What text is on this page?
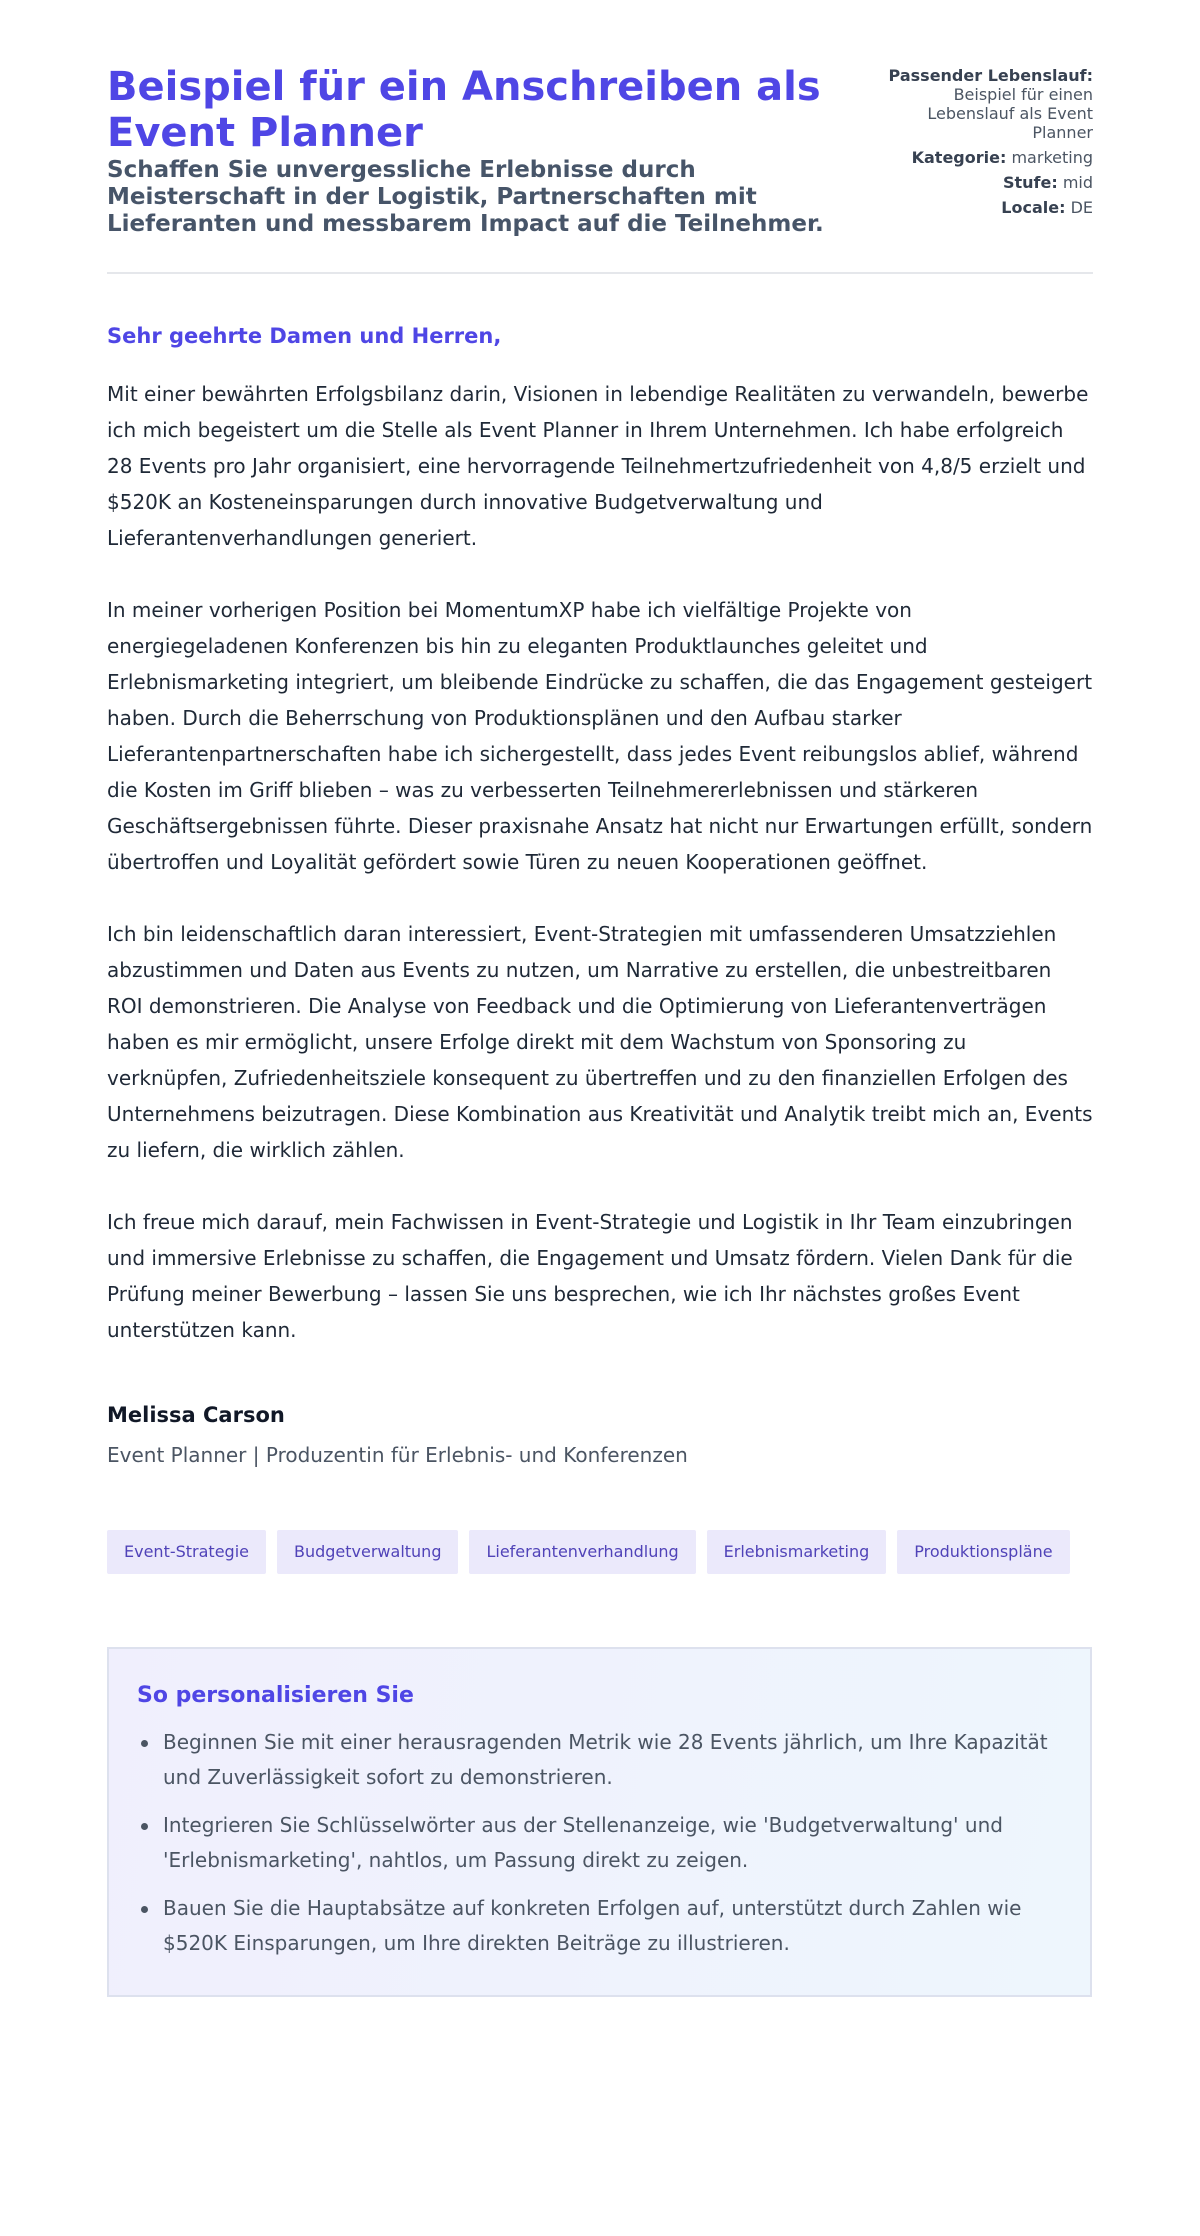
Beispiel für ein Anschreiben als Event Planner
Schaffen Sie unvergessliche Erlebnisse durch Meisterschaft in der Logistik, Partnerschaften mit Lieferanten und messbarem Impact auf die Teilnehmer.
Passender Lebenslauf: Beispiel für einen Lebenslauf als Event Planner
Kategorie: marketing
Stufe: mid
Locale: DE
Sehr geehrte Damen und Herren,

Mit einer bewährten Erfolgsbilanz darin, Visionen in lebendige Realitäten zu verwandeln, bewerbe ich mich begeistert um die Stelle als Event Planner in Ihrem Unternehmen. Ich habe erfolgreich 28 Events pro Jahr organisiert, eine hervorragende Teilnehmertzufriedenheit von 4,8/5 erzielt und $520K an Kosteneinsparungen durch innovative Budgetverwaltung und Lieferantenverhandlungen generiert.

In meiner vorherigen Position bei MomentumXP habe ich vielfältige Projekte von energiegeladenen Konferenzen bis hin zu eleganten Produktlaunches geleitet und Erlebnismarketing integriert, um bleibende Eindrücke zu schaffen, die das Engagement gesteigert haben. Durch die Beherrschung von Produktionsplänen und den Aufbau starker Lieferantenpartnerschaften habe ich sichergestellt, dass jedes Event reibungslos ablief, während die Kosten im Griff blieben – was zu verbesserten Teilnehmererlebnissen und stärkeren Geschäftsergebnissen führte. Dieser praxisnahe Ansatz hat nicht nur Erwartungen erfüllt, sondern übertroffen und Loyalität gefördert sowie Türen zu neuen Kooperationen geöffnet.

Ich bin leidenschaftlich daran interessiert, Event-Strategien mit umfassenderen Umsatzziehlen abzustimmen und Daten aus Events zu nutzen, um Narrative zu erstellen, die unbestreitbaren ROI demonstrieren. Die Analyse von Feedback und die Optimierung von Lieferantenverträgen haben es mir ermöglicht, unsere Erfolge direkt mit dem Wachstum von Sponsoring zu verknüpfen, Zufriedenheitsziele konsequent zu übertreffen und zu den finanziellen Erfolgen des Unternehmens beizutragen. Diese Kombination aus Kreativität und Analytik treibt mich an, Events zu liefern, die wirklich zählen.

Ich freue mich darauf, mein Fachwissen in Event-Strategie und Logistik in Ihr Team einzubringen und immersive Erlebnisse zu schaffen, die Engagement und Umsatz fördern. Vielen Dank für die Prüfung meiner Bewerbung – lassen Sie uns besprechen, wie ich Ihr nächstes großes Event unterstützen kann.

Melissa Carson
Event Planner | Produzentin für Erlebnis- und Konferenzen
Event-Strategie	Budgetverwaltung	Lieferantenverhandlung	Erlebnismarketing	Produktionspläne
So personalisieren Sie
Beginnen Sie mit einer herausragenden Metrik wie 28 Events jährlich, um Ihre Kapazität und Zuverlässigkeit sofort zu demonstrieren.
Integrieren Sie Schlüsselwörter aus der Stellenanzeige, wie 'Budgetverwaltung' und 'Erlebnismarketing', nahtlos, um Passung direkt zu zeigen.
Bauen Sie die Hauptabsätze auf konkreten Erfolgen auf, unterstützt durch Zahlen wie $520K Einsparungen, um Ihre direkten Beiträge zu illustrieren.
